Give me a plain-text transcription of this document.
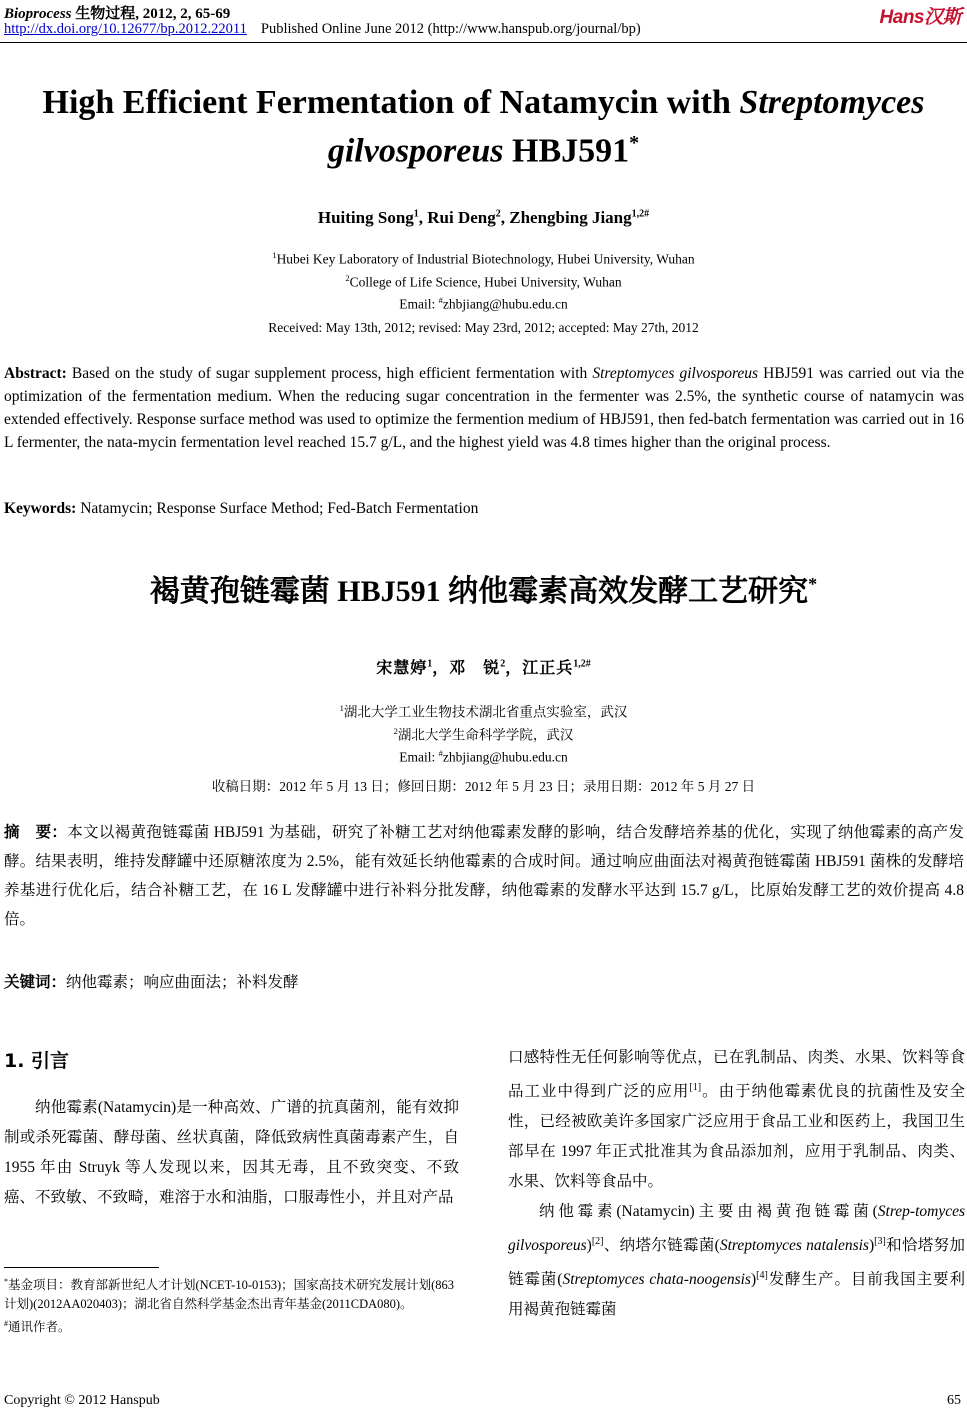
Bioprocess 生物过程, 2012, 2, 65-69
http://dx.doi.org/10.12677/bp.2012.22011 Published Online June 2012 (http://www.hanspub.org/journal/bp)
Hans汉斯
High Efficient Fermentation of Natamycin with Streptomyces
gilvosporeus HBJ591*
Huiting Song$^1$, Rui Deng$^2$, Zhengbing Jiang$^{1,2\#}$
$^1$Hubei Key Laboratory of Industrial Biotechnology, Hubei University, Wuhan
$^2$College of Life Science, Hubei University, Wuhan
Email: #zhbjiang@hubu.edu.cn
Received: May 13th, 2012; revised: May 23rd, 2012; accepted: May 27th, 2012
Abstract: Based on the study of sugar supplement process, high efficient fermentation with Streptomyces gilvosporeus HBJ591 was carried out via the optimization of the fermentation medium. When the reducing sugar concentration in the fermenter was 2.5%, the synthetic course of natamycin was extended effectively. Response surface method was used to optimize the fermention medium of HBJ591, then fed-batch fermentation was carried out in 16 L fermenter, the nata-mycin fermentation level reached 15.7 g/L, and the highest yield was 4.8 times higher than the original process.
Keywords: Natamycin; Response Surface Method; Fed-Batch Fermentation
褐黄孢链霉菌 HBJ591 纳他霉素高效发酵工艺研究*
宋慧婷$^1$，邓　锐$^2$，江正兵$^{1,2\#}$
$^1$湖北大学工业生物技术湖北省重点实验室，武汉
$^2$湖北大学生命科学学院，武汉
Email: #zhbjiang@hubu.edu.cn
收稿日期：2012 年 5 月 13 日；修回日期：2012 年 5 月 23 日；录用日期：2012 年 5 月 27 日
摘　要：本文以褐黄孢链霉菌 HBJ591 为基础，研究了补糖工艺对纳他霉素发酵的影响，结合发酵培养基的优化，实现了纳他霉素的高产发酵。结果表明，维持发酵罐中还原糖浓度为 2.5%，能有效延长纳他霉素的合成时间。通过响应曲面法对褐黄孢链霉菌 HBJ591 菌株的发酵培养基进行优化后，结合补糖工艺，在 16 L 发酵罐中进行补料分批发酵，纳他霉素的发酵水平达到 15.7 g/L，比原始发酵工艺的效价提高 4.8 倍。
关键词：纳他霉素；响应曲面法；补料发酵
1. 引言
纳他霉素(Natamycin)是一种高效、广谱的抗真菌剂，能有效抑制或杀死霉菌、酵母菌、丝状真菌，降低致病性真菌毒素产生，自 1955 年由 Struyk 等人发现以来，因其无毒，且不致突变、不致癌、不致敏、不致畸，难溶于水和油脂，口服毒性小，并且对产品
口感特性无任何影响等优点，已在乳制品、肉类、水果、饮料等食品工业中得到广泛的应用[1]。由于纳他霉素优良的抗菌性及安全性，已经被欧美许多国家广泛应用于食品工业和医药上，我国卫生部早在 1997 年正式批准其为食品添加剂，应用于乳制品、肉类、水果、饮料等食品中。
纳他霉素(Natamycin)主要由褐黄孢链霉菌(Strep-tomyces gilvosporeus)[2]、纳塔尔链霉菌(Streptomyces natalensis)[3]和恰塔努加链霉菌(Streptomyces chata-noogensis)[4]发酵生产。目前我国主要利用褐黄孢链霉菌
*基金项目：教育部新世纪人才计划(NCET-10-0153)；国家高技术研究发展计划(863 计划)(2012AA020403)；湖北省自然科学基金杰出青年基金(2011CDA080)。
#通讯作者。
Copyright © 2012 Hanspub	65
